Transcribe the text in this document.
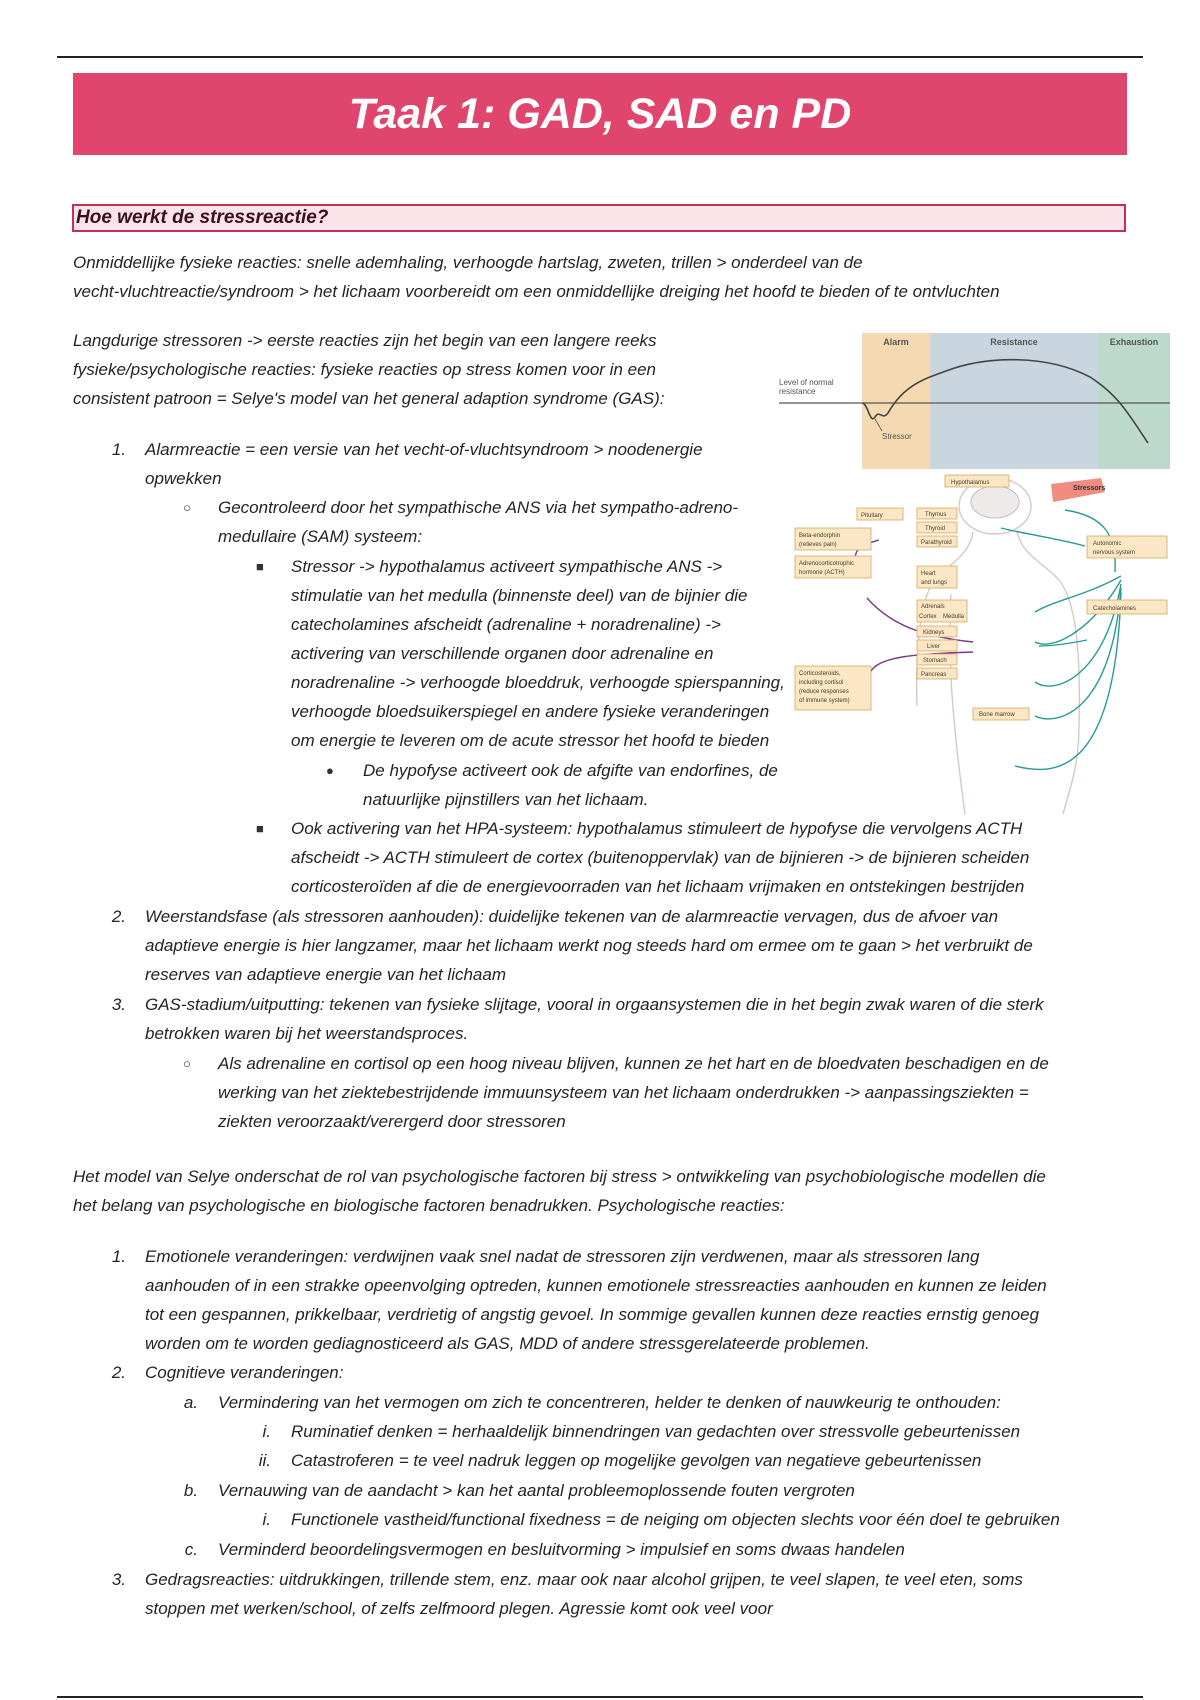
Taak 1: GAD, SAD en PD
Hoe werkt de stressreactie?

Onmiddellijke fysieke reacties: snelle ademhaling, verhoogde hartslag, zweten, trillen > onderdeel van de

vecht-vluchtreactie/syndroom > het lichaam voorbereidt om een onmiddellijke dreiging het hoofd te bieden of te ontvluchten

Langdurige stressoren -> eerste reacties zijn het begin van een langere reeks

fysieke/psychologische reacties: fysieke reacties op stress komen voor in een

consistent patroon = Selye's model van het general adaption syndrome (GAS):

1. Alarmreactie = een versie van het vecht-of-vluchtsyndroom > noodenergie

opwekken

○ Gecontroleerd door het sympathische ANS via het sympatho-adreno-

medullaire (SAM) systeem:

■ Stressor -> hypothalamus activeert sympathische ANS ->

stimulatie van het medulla (binnenste deel) van de bijnier die

catecholamines afscheidt (adrenaline + noradrenaline) ->

activering van verschillende organen door adrenaline en

noradrenaline -> verhoogde bloeddruk, verhoogde spierspanning,

verhoogde bloedsuikerspiegel en andere fysieke veranderingen

om energie te leveren om de acute stressor het hoofd te bieden

● De hypofyse activeert ook de afgifte van endorfines, de

natuurlijke pijnstillers van het lichaam.

■ Ook activering van het HPA-systeem: hypothalamus stimuleert de hypofyse die vervolgens ACTH

afscheidt -> ACTH stimuleert de cortex (buitenoppervlak) van de bijnieren -> de bijnieren scheiden

corticosteroïden af die de energievoorraden van het lichaam vrijmaken en ontstekingen bestrijden

2. Weerstandsfase (als stressoren aanhouden): duidelijke tekenen van de alarmreactie vervagen, dus de afvoer van

adaptieve energie is hier langzamer, maar het lichaam werkt nog steeds hard om ermee om te gaan > het verbruikt de

reserves van adaptieve energie van het lichaam

3. GAS-stadium/uitputting: tekenen van fysieke slijtage, vooral in orgaansystemen die in het begin zwak waren of die sterk

betrokken waren bij het weerstandsproces.

○ Als adrenaline en cortisol op een hoog niveau blijven, kunnen ze het hart en de bloedvaten beschadigen en de

werking van het ziektebestrijdende immuunsysteem van het lichaam onderdrukken -> aanpassingsziekten =

ziekten veroorzaakt/verergerd door stressoren

Het model van Selye onderschat de rol van psychologische factoren bij stress > ontwikkeling van psychobiologische modellen die

het belang van psychologische en biologische factoren benadrukken. Psychologische reacties:

1. Emotionele veranderingen: verdwijnen vaak snel nadat de stressoren zijn verdwenen, maar als stressoren lang

aanhouden of in een strakke opeenvolging optreden, kunnen emotionele stressreacties aanhouden en kunnen ze leiden

tot een gespannen, prikkelbaar, verdrietig of angstig gevoel. In sommige gevallen kunnen deze reacties ernstig genoeg

worden om te worden gediagnosticeerd als GAS, MDD of andere stressgerelateerde problemen.

2. Cognitieve veranderingen:

a. Vermindering van het vermogen om zich te concentreren, helder te denken of nauwkeurig te onthouden:

i. Ruminatief denken = herhaaldelijk binnendringen van gedachten over stressvolle gebeurtenissen

ii. Catastroferen = te veel nadruk leggen op mogelijke gevolgen van negatieve gebeurtenissen

b. Vernauwing van de aandacht > kan het aantal probleemoplossende fouten vergroten

i. Functionele vastheid/functional fixedness = de neiging om objecten slechts voor één doel te gebruiken

c. Verminderd beoordelingsvermogen en besluitvorming > impulsief en soms dwaas handelen

3. Gedragsreacties: uitdrukkingen, trillende stem, enz. maar ook naar alcohol grijpen, te veel slapen, te veel eten, soms

stoppen met werken/school, of zelfs zelfmoord plegen. Agressie komt ook veel voor

Alarm	Resistance	Exhaustion
Level of normal
resistance
Stressor
Stressors
Pituitary
Hypothalamus
Thymus
Thyroid
Parathyroid
Heart
and lungs
Adrenals
Cortex Medulla
Kidneys
Liver
Stomach
Pancreas
Bone marrow
Autonomic
nervous system
Catecholamines
Beta-endorphin
(relieves pain)
Adrenocorticotrophic
hormone (ACTH)
Corticosteroids,
including cortisol
(reduce responses
of immune system)
